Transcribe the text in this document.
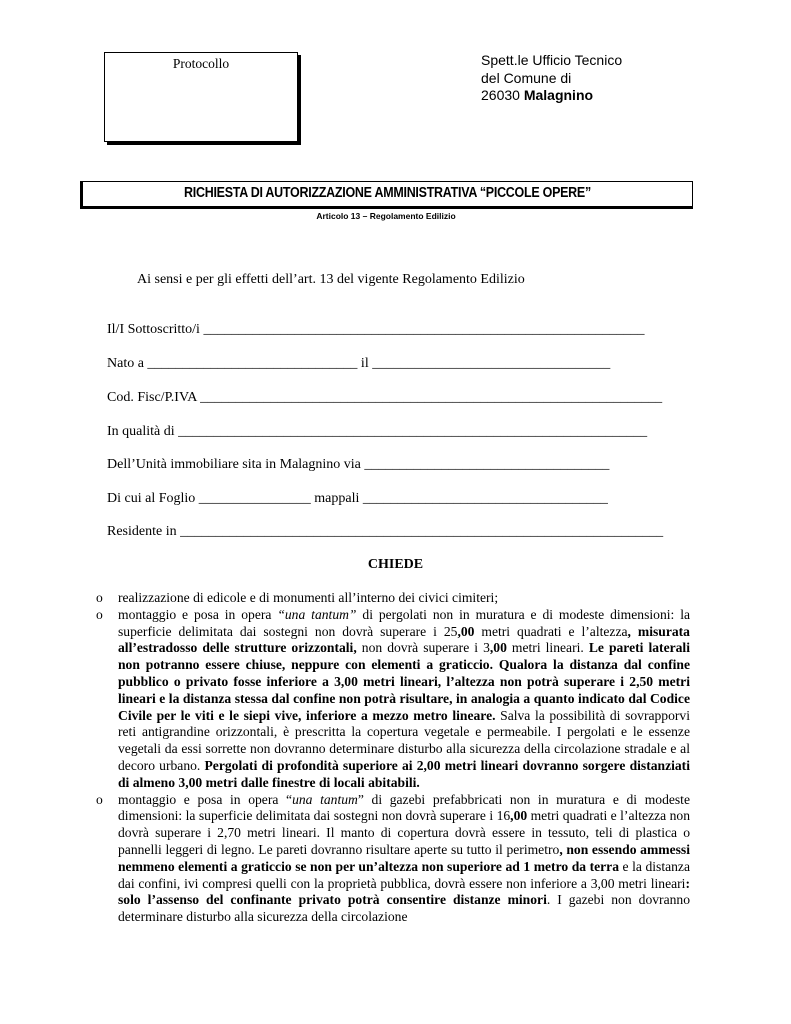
Protocollo	Spett.le Ufficio Tecnico
del Comune di
26030 Malagnino
RICHIESTA DI AUTORIZZAZIONE AMMINISTRATIVA “PICCOLE OPERE”
Articolo 13 – Regolamento Edilizio
Ai sensi e per gli effetti dell’art. 13 del vigente Regolamento Edilizio
Il/I Sottoscritto/i _______________________________________________________________
Nato a ______________________________ il __________________________________
Cod. Fisc/P.IVA __________________________________________________________________
In qualità di ___________________________________________________________________
Dell’Unità immobiliare sita in Malagnino via ___________________________________
Di cui al Foglio ________________ mappali ___________________________________
Residente in _____________________________________________________________________
CHIEDE
o realizzazione di edicole e di monumenti all’interno dei civici cimiteri;
o montaggio e posa in opera “una tantum” di pergolati non in muratura e di modeste dimensioni: la superficie delimitata dai sostegni non dovrà superare i 25,00 metri quadrati e l’altezza, misurata all’estradosso delle strutture orizzontali, non dovrà superare i 3,00 metri lineari. Le pareti laterali non potranno essere chiuse, neppure con elementi a graticcio. Qualora la distanza dal confine pubblico o privato fosse inferiore a 3,00 metri lineari, l’altezza non potrà superare i 2,50 metri lineari e la distanza stessa dal confine non potrà risultare, in analogia a quanto indicato dal Codice Civile per le viti e le siepi vive, inferiore a mezzo metro lineare. Salva la possibilità di sovrapporvi reti antigrandine orizzontali, è prescritta la copertura vegetale e permeabile. I pergolati e le essenze vegetali da essi sorrette non dovranno determinare disturbo alla sicurezza della circolazione stradale e al decoro urbano. Pergolati di profondità superiore ai 2,00 metri lineari dovranno sorgere distanziati di almeno 3,00 metri dalle finestre di locali abitabili.
o montaggio e posa in opera “una tantum” di gazebi prefabbricati non in muratura e di modeste dimensioni: la superficie delimitata dai sostegni non dovrà superare i 16,00 metri quadrati e l’altezza non dovrà superare i 2,70 metri lineari. Il manto di copertura dovrà essere in tessuto, teli di plastica o pannelli leggeri di legno. Le pareti dovranno risultare aperte su tutto il perimetro, non essendo ammessi nemmeno elementi a graticcio se non per un’altezza non superiore ad 1 metro da terra e la distanza dai confini, ivi compresi quelli con la proprietà pubblica, dovrà essere non inferiore a 3,00 metri lineari: solo l’assenso del confinante privato potrà consentire distanze minori. I gazebi non dovranno determinare disturbo alla sicurezza della circolazione
